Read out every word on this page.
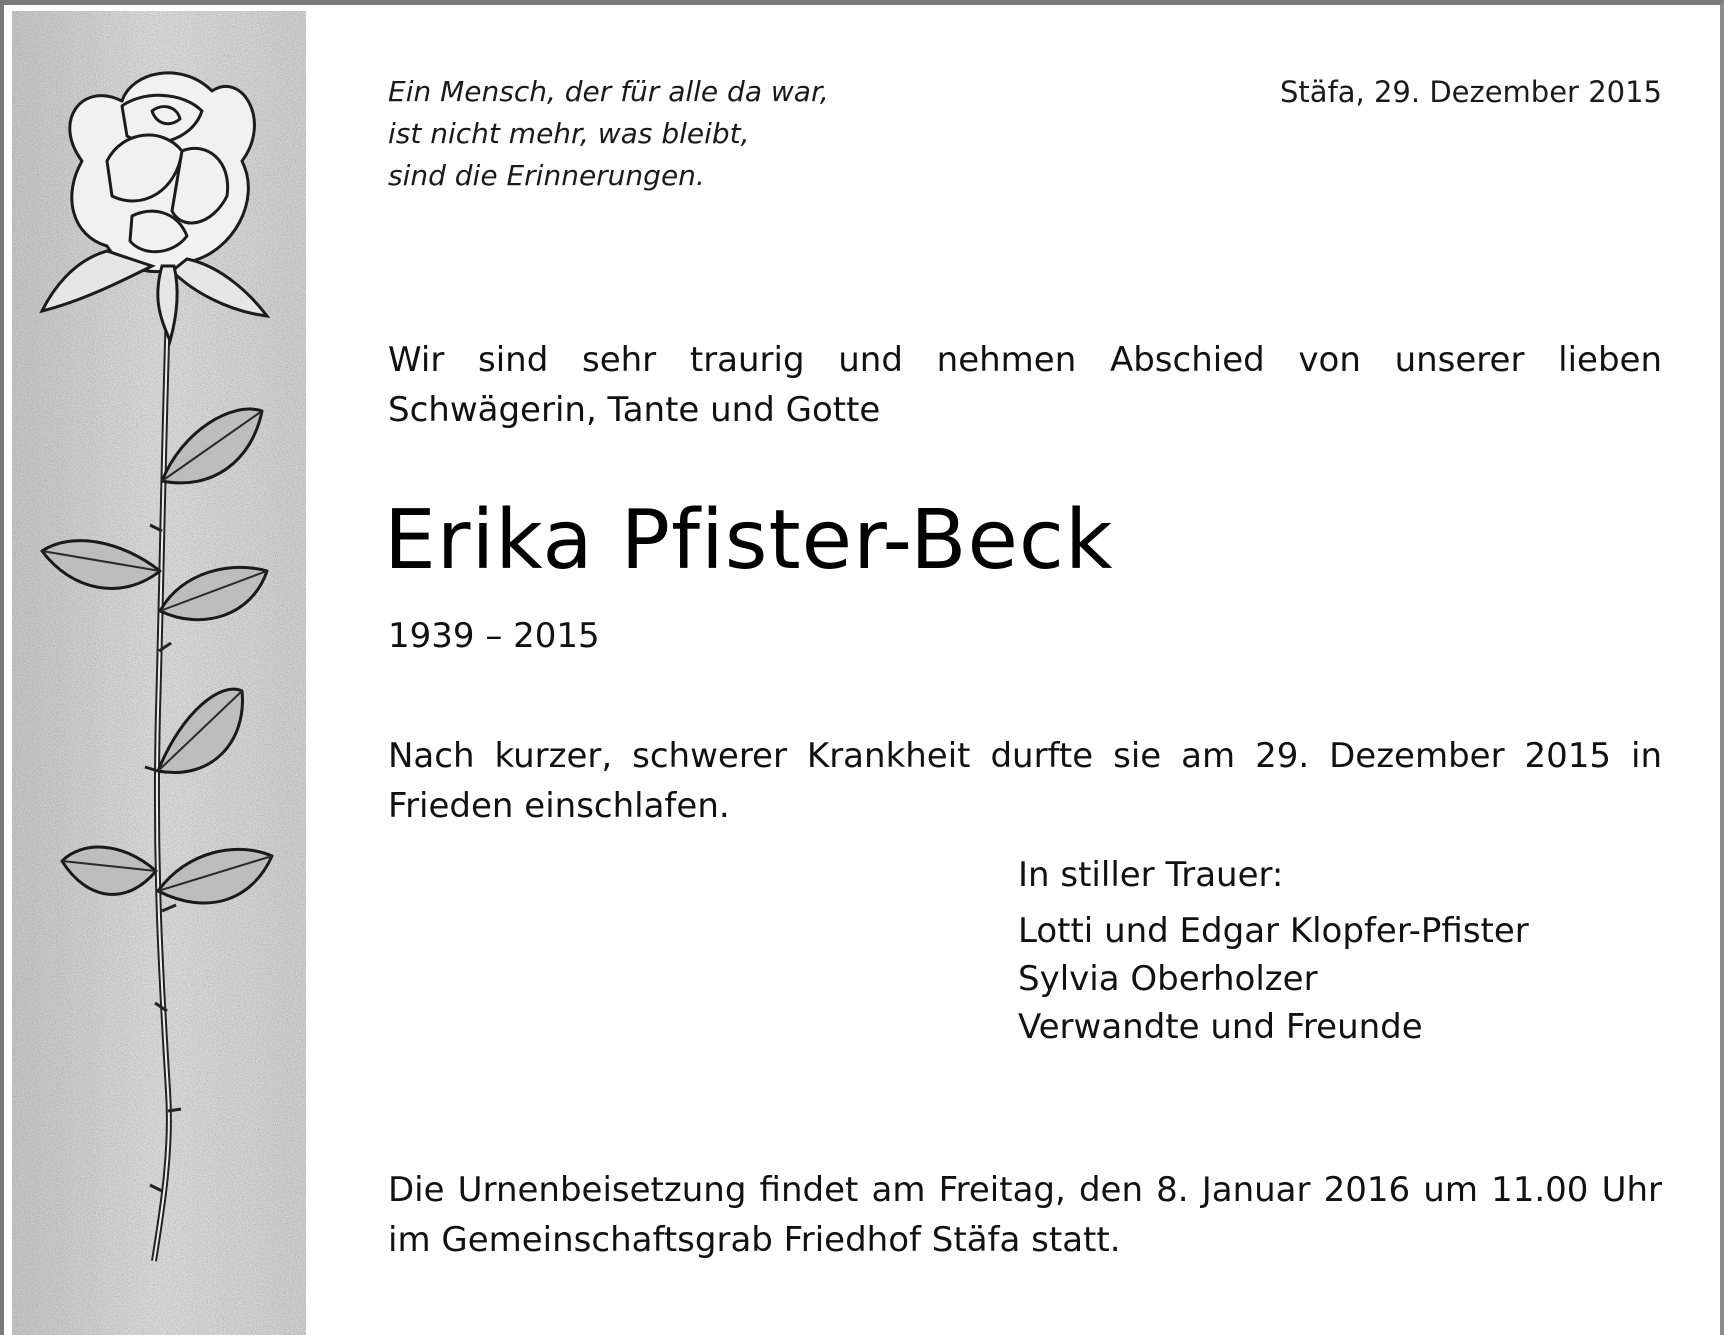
Ein Mensch, der für alle da war,
ist nicht mehr, was bleibt,
sind die Erinnerungen.
Stäfa, 29. Dezember 2015
Wir sind sehr traurig und nehmen Abschied von unserer lieben Schwägerin, Tante und Gotte
Erika Pfister-Beck
1939 – 2015
Nach kurzer, schwerer Krankheit durfte sie am 29. Dezember 2015 in Frieden einschlafen.
In stiller Trauer:
Lotti und Edgar Klopfer-Pfister
Sylvia Oberholzer
Verwandte und Freunde
Die Urnenbeisetzung findet am Freitag, den 8. Januar 2016 um 11.00 Uhr im Gemeinschaftsgrab Friedhof Stäfa statt.
